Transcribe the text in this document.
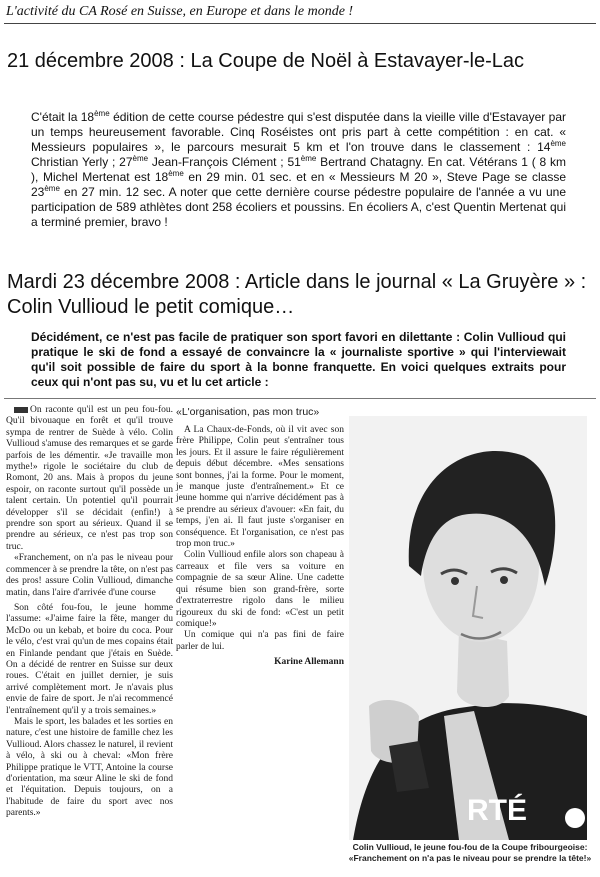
L'activité du CA Rosé en Suisse, en Europe et dans le monde !
21 décembre 2008 : La Coupe de Noël à Estavayer-le-Lac
C'était la 18ème édition de cette course pédestre qui s'est disputée dans la vieille ville d'Estavayer par un temps heureusement favorable. Cinq Roséistes ont pris part à cette compétition : en cat. « Messieurs populaires », le parcours mesurait 5 km et l'on trouve dans le classement : 14ème Christian Yerly ; 27ème Jean-François Clément ; 51ème Bertrand Chatagny. En cat. Vétérans 1 ( 8 km ), Michel Mertenat est 18ème en 29 min. 01 sec. et en « Messieurs M 20 », Steve Page se classe 23ème en 27 min. 12 sec. A noter que cette dernière course pédestre populaire de l'année a vu une participation de 589 athlètes dont 258 écoliers et poussins. En écoliers A, c'est Quentin Mertenat qui a terminé premier, bravo !
Mardi 23 décembre 2008 : Article dans le journal « La Gruyère » : Colin Vullioud le petit comique…
Décidément, ce n'est pas facile de pratiquer son sport favori en dilettante : Colin Vullioud qui pratique le ski de fond a essayé de convaincre la « journaliste sportive » qui l'interviewait qu'il soit possible de faire du sport à la bonne franquette. En voici quelques extraits pour ceux qui n'ont pas su, vu et lu cet article :

On raconte qu'il est un peu fou-fou. Qu'il bivouaque en forêt et qu'il trouve sympa de rentrer de Suède à vélo. Colin Vullioud s'amuse des remarques et se garde parfois de les démentir. «Je travaille mon mythe!» rigole le sociétaire du club de Romont, 20 ans. Mais à propos du jeune espoir, on raconte surtout qu'il possède un talent certain. Un potentiel qu'il pourrait développer s'il se décidait (enfin!) à prendre son sport au sérieux. Quand il se prendre au sérieux, ce n'est pas trop son truc.

«Franchement, on n'a pas le niveau pour commencer à se prendre la tête, on n'est pas des pros! assure Colin Vullioud, dimanche matin, dans l'aire d'arrivée d'une course

Son côté fou-fou, le jeune homme l'assume: «J'aime faire la fête, manger du McDo ou un kebab, et boire du coca. Pour le vélo, c'est vrai qu'un de mes copains était en Finlande pendant que j'étais en Suède. On a décidé de rentrer en Suisse sur deux roues. C'était en juillet dernier, je suis arrivé complètement mort. Je n'avais plus envie de faire de sport. Je n'ai recommencé l'entraînement qu'il y a trois semaines.»

Mais le sport, les balades et les sorties en nature, c'est une histoire de famille chez les Vullioud. Alors chassez le naturel, il revient à vélo, à ski ou à cheval: «Mon frère Philippe pratique le VTT, Antoine la course d'orientation, ma sœur Aline le ski de fond et l'équitation. Depuis toujours, on a l'habitude de faire du sport avec nos parents.»

«L'organisation, pas mon truc»

A La Chaux-de-Fonds, où il vit avec son frère Philippe, Colin peut s'entraîner tous les jours. Et il assure le faire régulièrement depuis début décembre. «Mes sensations sont bonnes, j'ai la forme. Pour le moment, je manque juste d'entraînement.» Et ce jeune homme qui n'arrive décidément pas à se prendre au sérieux d'avouer: «En fait, du temps, j'en ai. Il faut juste s'organiser en conséquence. Et l'organisation, ce n'est pas trop mon truc.»

Colin Vullioud enfile alors son chapeau à carreaux et file vers sa voiture en compagnie de sa sœur Aline. Une cadette qui résume bien son grand-frère, sorte d'extraterrestre rigolo dans le milieu rigoureux du ski de fond: «C'est un petit comique!»

Un comique qui n'a pas fini de faire parler de lui.

Karine Allemann

RTÉ
Colin Vullioud, le jeune fou-fou de la Coupe fribourgeoise: «Franchement on n'a pas le niveau pour se prendre la tête!»
